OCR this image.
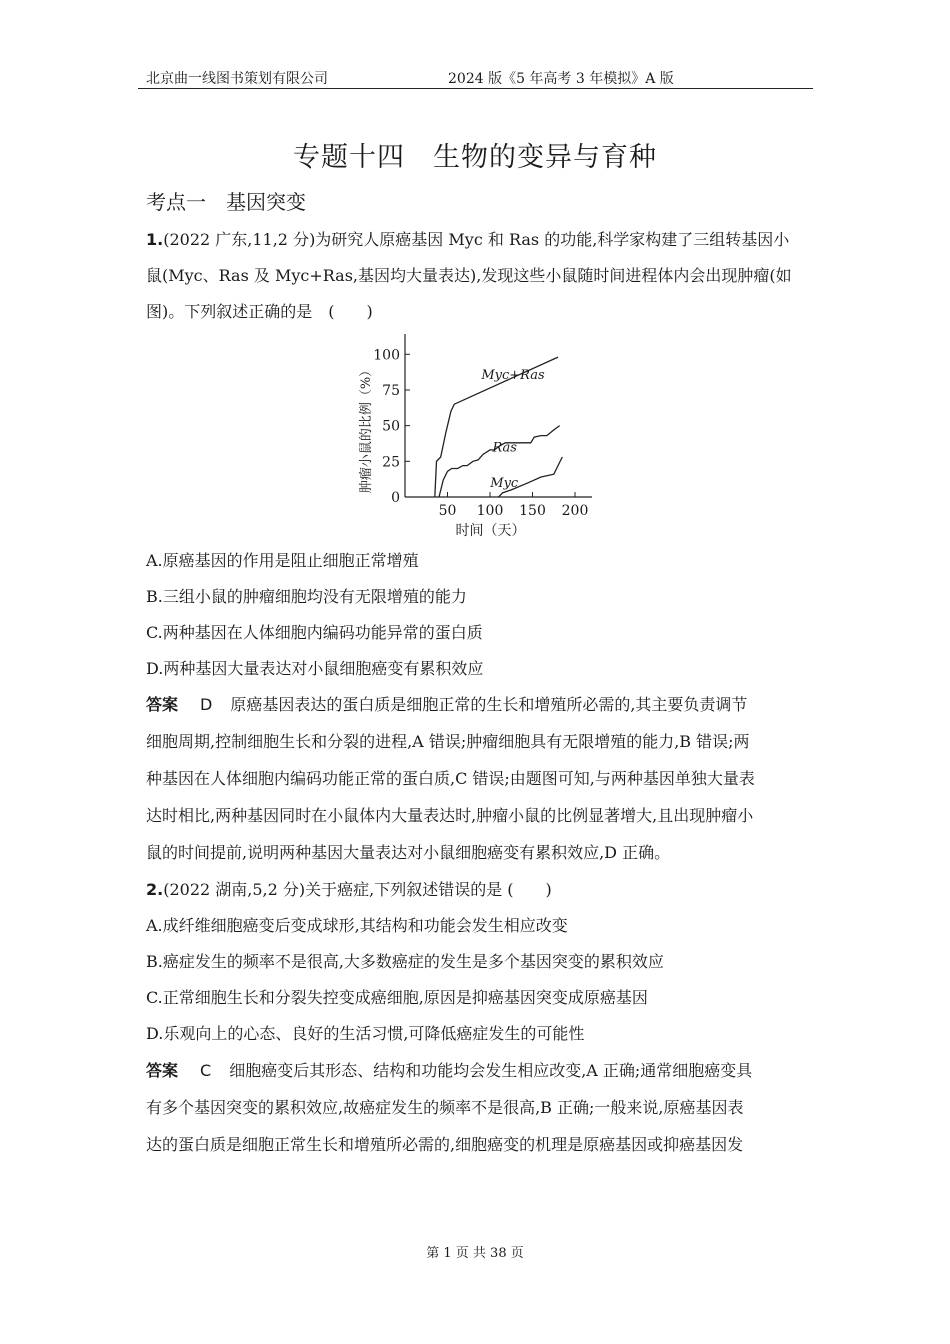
北京曲一线图书策划有限公司	2024 版《5 年高考 3 年模拟》A 版
专题十四　生物的变异与育种
考点一　基因突变
1.(2022 广东,11,2 分)为研究人原癌基因 Myc 和 Ras 的功能,科学家构建了三组转基因小
鼠(Myc、Ras 及 Myc+Ras,基因均大量表达),发现这些小鼠随时间进程体内会出现肿瘤(如
图)。下列叙述正确的是　(　　)
0
25
50
75
100
50 100 150 200
时间（天）
肿瘤小鼠的比例（%）	Myc+Ras
Ras
Myc
A.原癌基因的作用是阻止细胞正常增殖
B.三组小鼠的肿瘤细胞均没有无限增殖的能力
C.两种基因在人体细胞内编码功能异常的蛋白质
D.两种基因大量表达对小鼠细胞癌变有累积效应
答案 D 原癌基因表达的蛋白质是细胞正常的生长和增殖所必需的,其主要负责调节
细胞周期,控制细胞生长和分裂的进程,A 错误;肿瘤细胞具有无限增殖的能力,B 错误;两
种基因在人体细胞内编码功能正常的蛋白质,C 错误;由题图可知,与两种基因单独大量表
达时相比,两种基因同时在小鼠体内大量表达时,肿瘤小鼠的比例显著增大,且出现肿瘤小
鼠的时间提前,说明两种基因大量表达对小鼠细胞癌变有累积效应,D 正确。
2.(2022 湖南,5,2 分)关于癌症,下列叙述错误的是 (　　)
A.成纤维细胞癌变后变成球形,其结构和功能会发生相应改变
B.癌症发生的频率不是很高,大多数癌症的发生是多个基因突变的累积效应
C.正常细胞生长和分裂失控变成癌细胞,原因是抑癌基因突变成原癌基因
D.乐观向上的心态、良好的生活习惯,可降低癌症发生的可能性
答案 C 细胞癌变后其形态、结构和功能均会发生相应改变,A 正确;通常细胞癌变具
有多个基因突变的累积效应,故癌症发生的频率不是很高,B 正确;一般来说,原癌基因表
达的蛋白质是细胞正常生长和增殖所必需的,细胞癌变的机理是原癌基因或抑癌基因发
第 1 页 共 38 页
